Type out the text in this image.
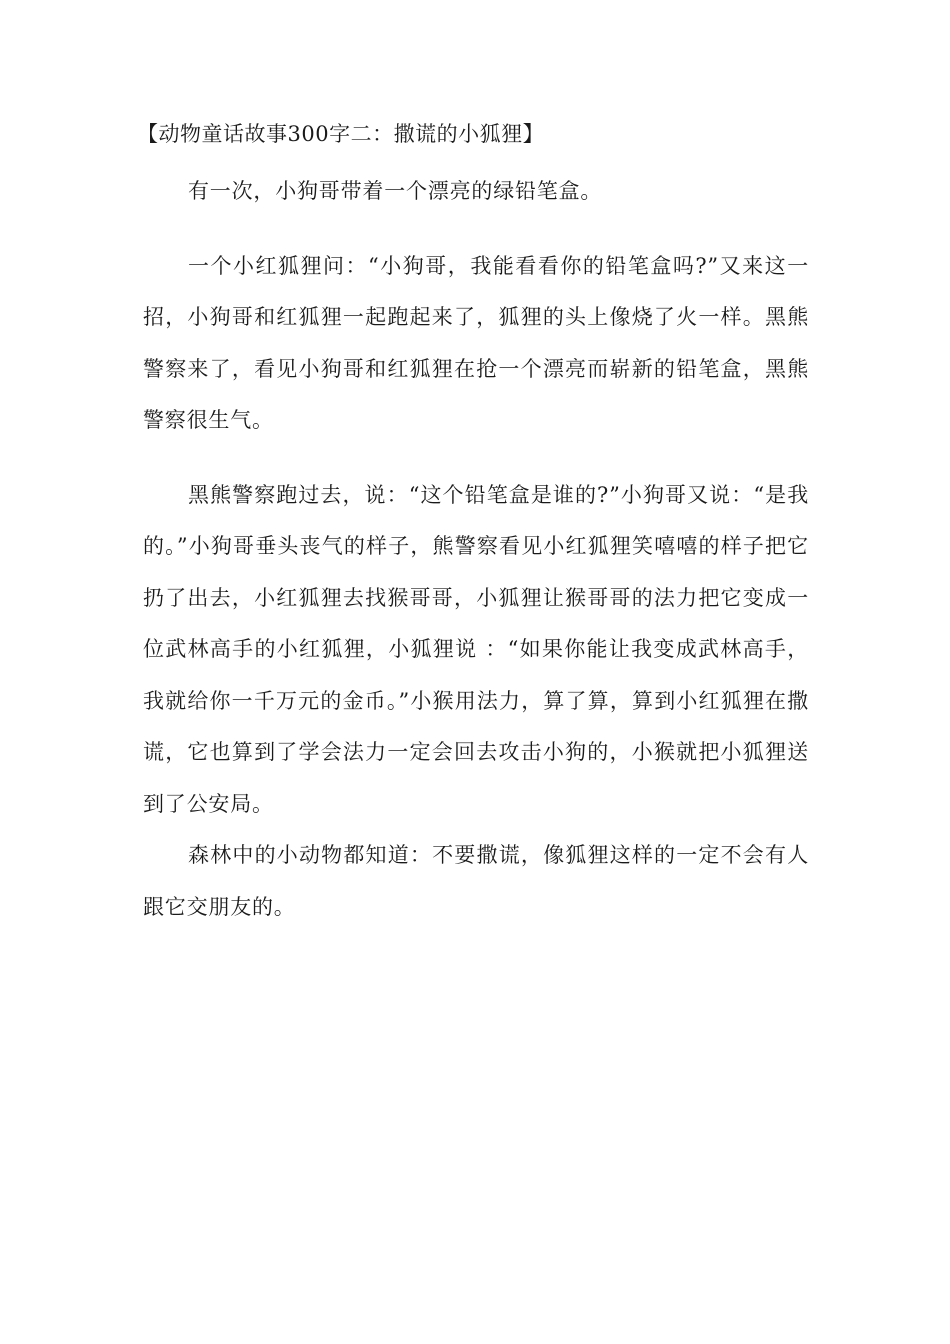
【动物童话故事300字二：撒谎的小狐狸】

有一次，小狗哥带着一个漂亮的绿铅笔盒。

一个小红狐狸问：“小狗哥，我能看看你的铅笔盒吗?”又来这一招，小狗哥和红狐狸一起跑起来了，狐狸的头上像烧了火一样。黑熊警察来了，看见小狗哥和红狐狸在抢一个漂亮而崭新的铅笔盒，黑熊警察很生气。

黑熊警察跑过去，说：“这个铅笔盒是谁的?”小狗哥又说：“是我的。”小狗哥垂头丧气的样子，熊警察看见小红狐狸笑嘻嘻的样子把它扔了出去，小红狐狸去找猴哥哥，小狐狸让猴哥哥的法力把它变成一位武林高手的小红狐狸，小狐狸说 ：“如果你能让我变成武林高手，我就给你一千万元的金币。”小猴用法力，算了算，算到小红狐狸在撒谎，它也算到了学会法力一定会回去攻击小狗的，小猴就把小狐狸送到了公安局。

森林中的小动物都知道：不要撒谎，像狐狸这样的一定不会有人跟它交朋友的。
